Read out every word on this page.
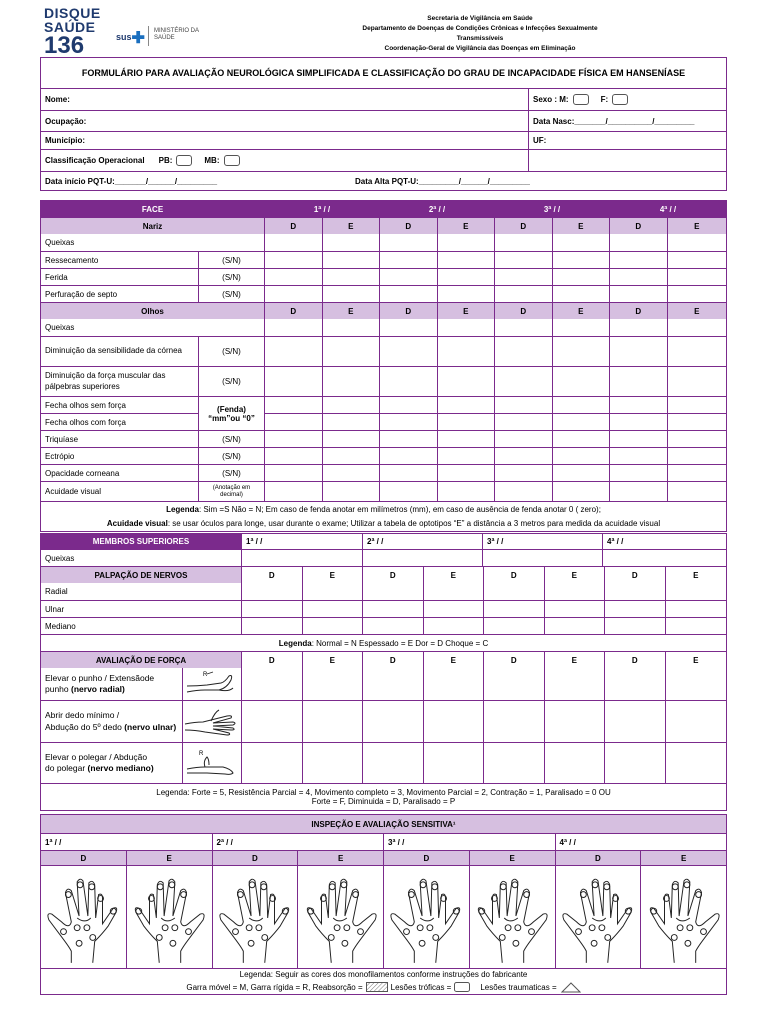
DISQUE
SAÚDE
136	sus✚ MINISTÉRIO DA
SAÚDE
Secretaria de Vigilância em Saúde
Departamento de Doenças de Condições Crônicas e Infecções Sexualmente Transmissíveis
Coordenação-Geral de Vigilância das Doenças em Eliminação
FORMULÁRIO PARA AVALIAÇÃO NEUROLÓGICA SIMPLIFICADA E CLASSIFICAÇÃO DO GRAU DE INCAPACIDADE FÍSICA EM HANSENÍASE
Nome:	Sexo : M:	F:
Ocupação:	Data Nasc:_______/__________/_________
Município:	UF:
Classificação Operacional PB:	MB:
Data início PQT-U:_______/______/_________	Data Alta PQT-U:_________/______/_________
FACE	1ª / /	2ª / /	3ª / /	4ª / /
Nariz	D	E	D	E	D	E	D	E
Queixas
Ressecamento	(S/N)
Ferida	(S/N)
Perfuração de septo	(S/N)
Olhos	D	E	D	E	D	E	D	E
Queixas
Diminuição da sensibilidade da córnea	(S/N)
Diminuição da força muscular das pálpebras superiores	(S/N)
Fecha olhos sem força
Fecha olhos com força
(Fenda)
“mm”ou “0”
Triquíase	(S/N)
Ectrópio	(S/N)
Opacidade corneana	(S/N)
Acuidade visual	(Anotação em decimal)
Legenda : Sim =S Não = N; Em caso de fenda anotar em milímetros (mm), em caso de ausência de fenda anotar 0 ( zero);
Acuidade visual : se usar óculos para longe, usar durante o exame; Utilizar a tabela de optotipos “E” a distância a 3 metros para medida da acuidade visual
MEMBROS SUPERIORES	1ª / /	2ª / /	3ª / /	4ª / /
Queixas
PALPAÇÃO DE NERVOS	D	E	D	E	D	E	D	E
Radial
Ulnar
Mediano
Legenda : Normal = N Espessado = E Dor = D Choque = C
AVALIAÇÃO DE FORÇA	D	E	D	E	D	E	D	E
Elevar o punho / Extensãode
punho (nervo radial)
R
Abrir dedo mínimo /
Abdução do 5º dedo (nervo ulnar)
Elevar o polegar / Abdução
do polegar (nervo mediano)
R
Legenda: Forte = 5, Resistência Parcial = 4, Movimento completo = 3, Movimento Parcial = 2, Contração = 1, Paralisado = 0 OU
Forte = F, Diminuida = D, Paralisado = P
INSPEÇÃO E AVALIAÇÃO SENSITIVA¹
1ª / /	2ª / /	3ª / /	4ª / /
D	E	D	E	D	E	D	E
Legenda: Seguir as cores dos monofilamentos conforme instruções do fabricante
Garra móvel = M, Garra rígida = R, Reabsorção =	Lesões tróficas =	Lesões traumaticas =
